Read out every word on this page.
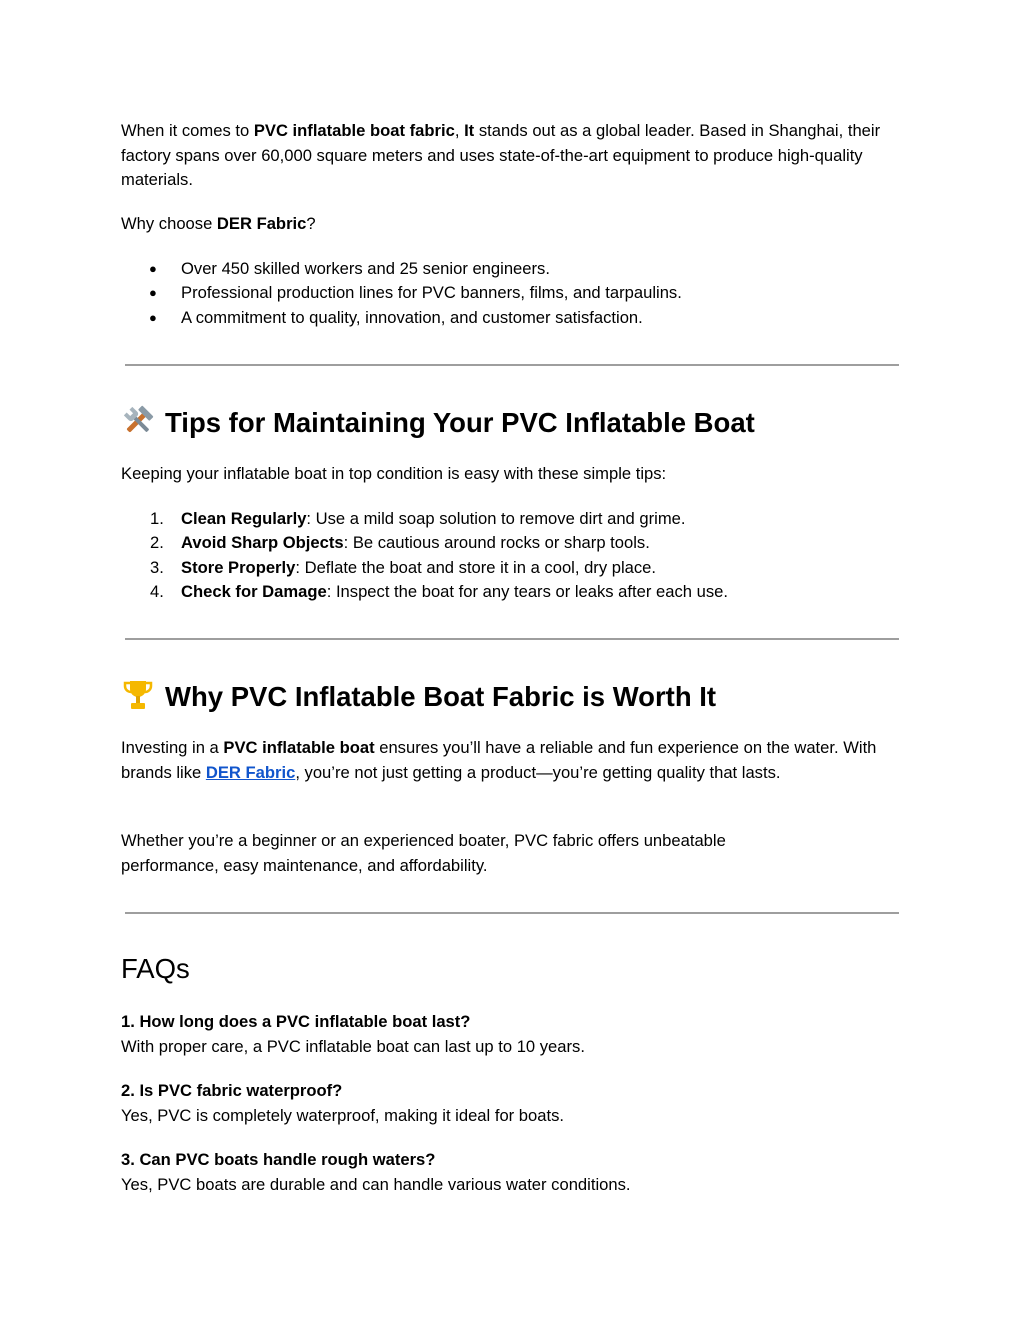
When it comes to PVC inflatable boat fabric, It stands out as a global leader. Based in Shanghai, their factory spans over 60,000 square meters and uses state-of-the-art equipment to produce high-quality materials.

Why choose DER Fabric?

● Over 450 skilled workers and 25 senior engineers.
● Professional production lines for PVC banners, films, and tarpaulins.
● A commitment to quality, innovation, and customer satisfaction.
Tips for Maintaining Your PVC Inflatable Boat

Keeping your inflatable boat in top condition is easy with these simple tips:

1. Clean Regularly: Use a mild soap solution to remove dirt and grime.
2. Avoid Sharp Objects: Be cautious around rocks or sharp tools.
3. Store Properly: Deflate the boat and store it in a cool, dry place.
4. Check for Damage: Inspect the boat for any tears or leaks after each use.
Why PVC Inflatable Boat Fabric is Worth It

Investing in a PVC inflatable boat ensures you’ll have a reliable and fun experience on the water. With brands like DER Fabric, you’re not just getting a product—you’re getting quality that lasts.

Whether you’re a beginner or an experienced boater, PVC fabric offers unbeatable performance, easy maintenance, and affordability.

FAQs

1. How long does a PVC inflatable boat last?

With proper care, a PVC inflatable boat can last up to 10 years.

2. Is PVC fabric waterproof?

Yes, PVC is completely waterproof, making it ideal for boats.

3. Can PVC boats handle rough waters?

Yes, PVC boats are durable and can handle various water conditions.
